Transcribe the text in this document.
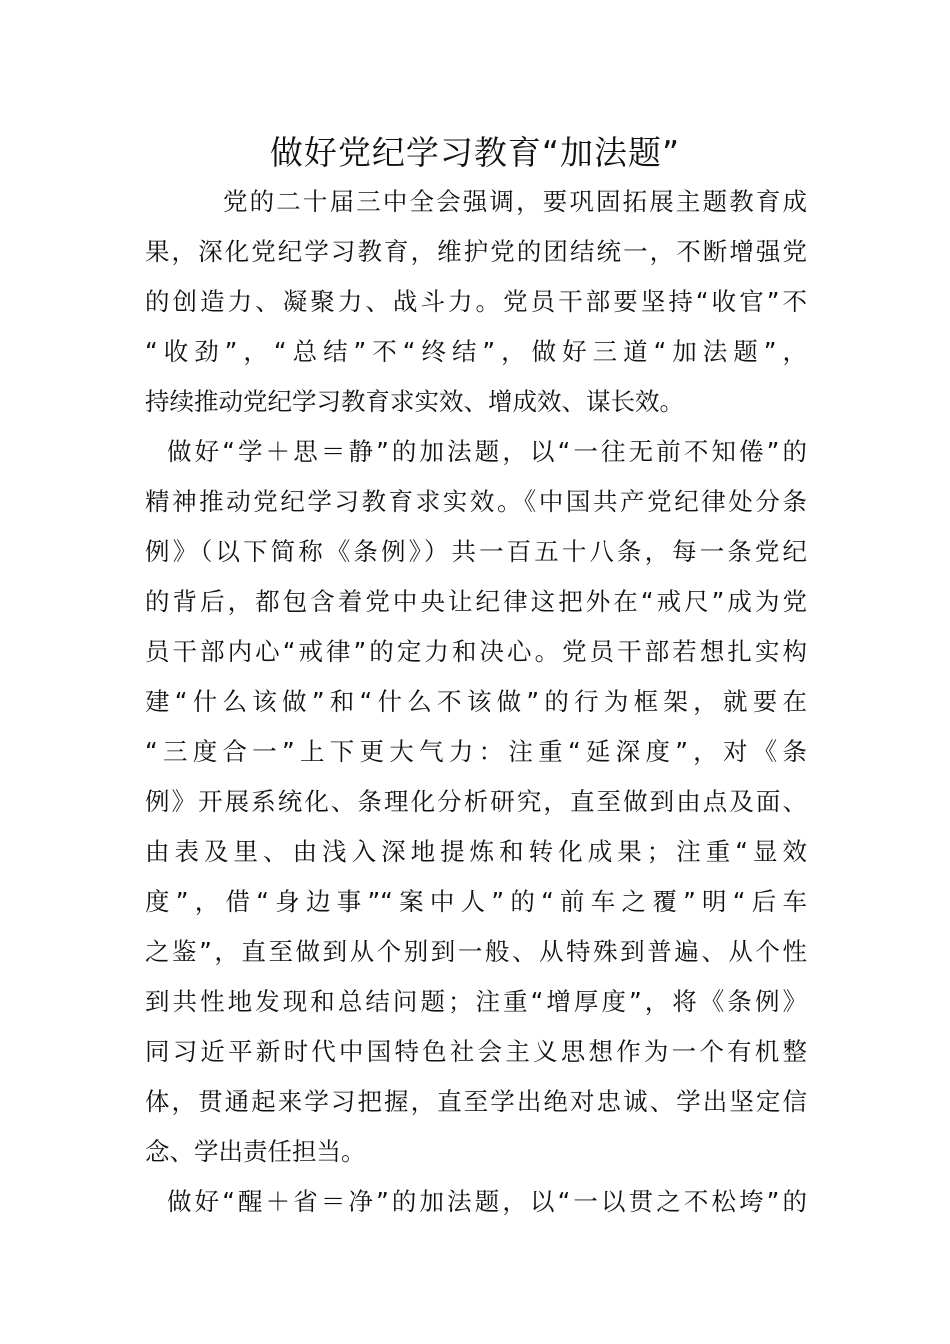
做好党纪学习教育“加法题”
党的二十届三中全会强调，要巩固拓展主题教育成
果，深化党纪学习教育，维护党的团结统一，不断增强党
的创造力、凝聚力、战斗力。党员干部要坚持“收官”不
“收劲”，“总结”不“终结”，做好三道“加法题”，
持续推动党纪学习教育求实效、增成效、谋长效。
做好“学＋思＝静”的加法题，以“一往无前不知倦”的
精神推动党纪学习教育求实效。《中国共产党纪律处分条
例》（以下简称《条例》）共一百五十八条，每一条党纪
的背后，都包含着党中央让纪律这把外在“戒尺”成为党
员干部内心“戒律”的定力和决心。党员干部若想扎实构
建“什么该做”和“什么不该做”的行为框架，就要在
“三度合一”上下更大气力：注重“延深度”，对《条
例》开展系统化、条理化分析研究，直至做到由点及面、
由表及里、由浅入深地提炼和转化成果；注重“显效
度”，借“身边事”“案中人”的“前车之覆”明“后车
之鉴”，直至做到从个别到一般、从特殊到普遍、从个性
到共性地发现和总结问题；注重“增厚度”，将《条例》
同习近平新时代中国特色社会主义思想作为一个有机整
体，贯通起来学习把握，直至学出绝对忠诚、学出坚定信
念、学出责任担当。
做好“醒＋省＝净”的加法题，以“一以贯之不松垮”的
